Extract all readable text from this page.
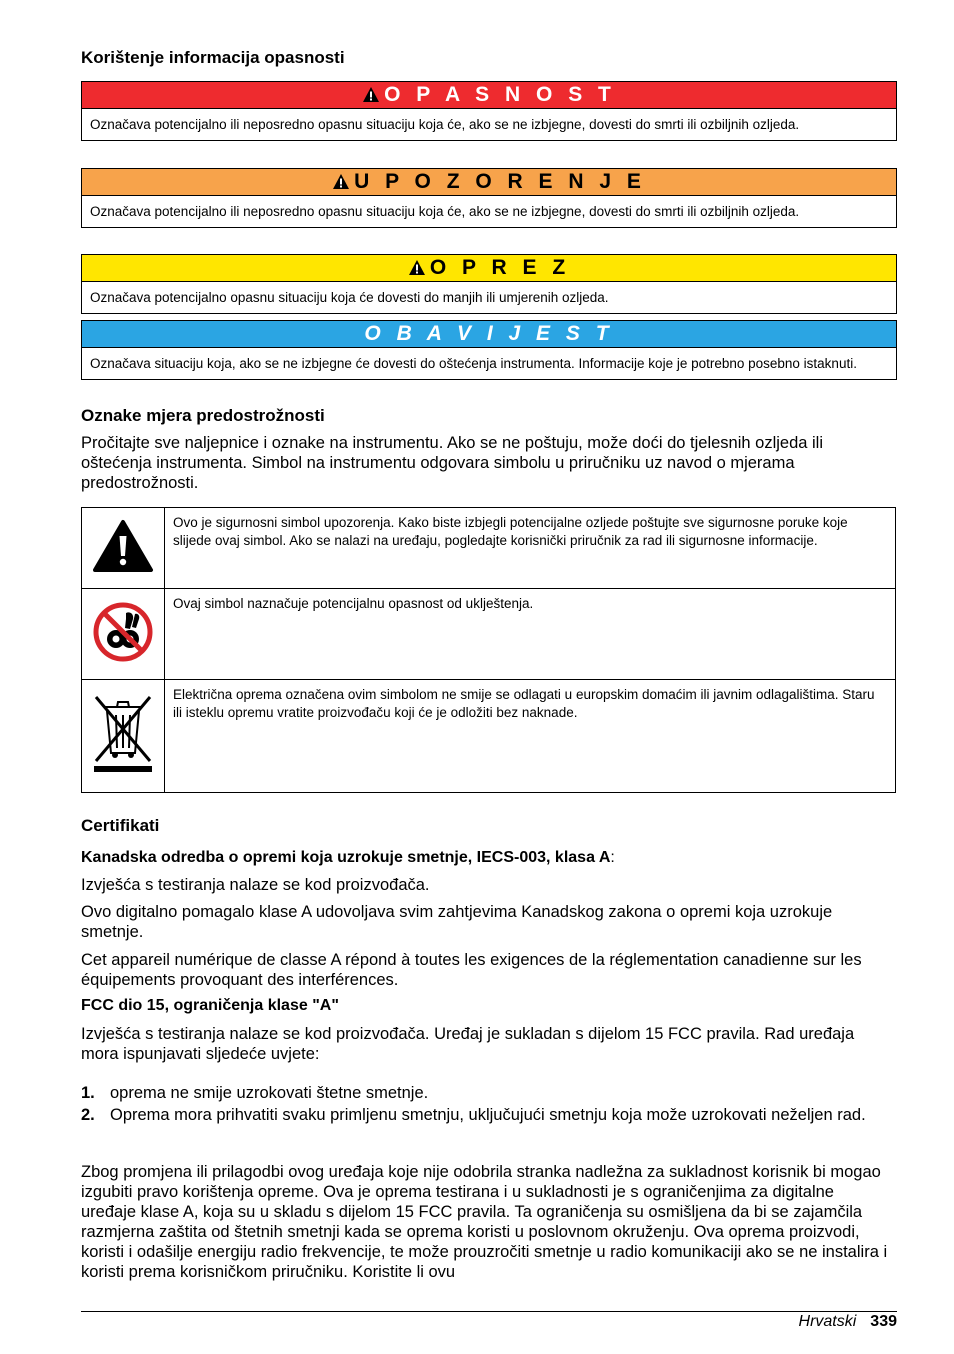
Korištenje informacija opasnosti
O P A S N O S T
Označava potencijalno ili neposredno opasnu situaciju koja će, ako se ne izbjegne, dovesti do smrti ili ozbiljnih ozljeda.
U P O Z O R E N J E
Označava potencijalno ili neposredno opasnu situaciju koja će, ako se ne izbjegne, dovesti do smrti ili ozbiljnih ozljeda.
O P R E Z
Označava potencijalno opasnu situaciju koja će dovesti do manjih ili umjerenih ozljeda.
O B A V I J E S T
Označava situaciju koja, ako se ne izbjegne će dovesti do oštećenja instrumenta. Informacije koje je potrebno posebno istaknuti.
Oznake mjera predostrožnosti
Pročitajte sve naljepnice i oznake na instrumentu. Ako se ne poštuju, može doći do tjelesnih ozljeda ili oštećenja instrumenta. Simbol na instrumentu odgovara simbolu u priručniku uz navod o mjerama predostrožnosti.
	Ovo je sigurnosni simbol upozorenja. Kako biste izbjegli potencijalne ozljede poštujte sve sigurnosne poruke koje slijede ovaj simbol. Ako se nalazi na uređaju, pogledajte korisnički priručnik za rad ili sigurnosne informacije.
	Ovaj simbol naznačuje potencijalnu opasnost od uklještenja.
	Električna oprema označena ovim simbolom ne smije se odlagati u europskim domaćim ili javnim odlagalištima. Staru ili isteklu opremu vratite proizvođaču koji će je odložiti bez naknade.
Certifikati
Kanadska odredba o opremi koja uzrokuje smetnje, IECS-003, klasa A:
Izvješća s testiranja nalaze se kod proizvođača.
Ovo digitalno pomagalo klase A udovoljava svim zahtjevima Kanadskog zakona o opremi koja uzrokuje smetnje.
Cet appareil numérique de classe A répond à toutes les exigences de la réglementation canadienne sur les équipements provoquant des interférences.
FCC dio 15, ograničenja klase "A"
Izvješća s testiranja nalaze se kod proizvođača. Uređaj je sukladan s dijelom 15 FCC pravila. Rad uređaja mora ispunjavati sljedeće uvjete:
1. oprema ne smije uzrokovati štetne smetnje.
2. Oprema mora prihvatiti svaku primljenu smetnju, uključujući smetnju koja može uzrokovati neželjen rad.
Zbog promjena ili prilagodbi ovog uređaja koje nije odobrila stranka nadležna za sukladnost korisnik bi mogao izgubiti pravo korištenja opreme. Ova je oprema testirana i u sukladnosti je s ograničenjima za digitalne uređaje klase A, koja su u skladu s dijelom 15 FCC pravila. Ta ograničenja su osmišljena da bi se zajamčila razmjerna zaštita od štetnih smetnji kada se oprema koristi u poslovnom okruženju. Ova oprema proizvodi, koristi i odašilje energiju radio frekvencije, te može prouzročiti smetnje u radio komunikaciji ako se ne instalira i koristi prema korisničkom priručniku. Koristite li ovu
Hrvatski 339
